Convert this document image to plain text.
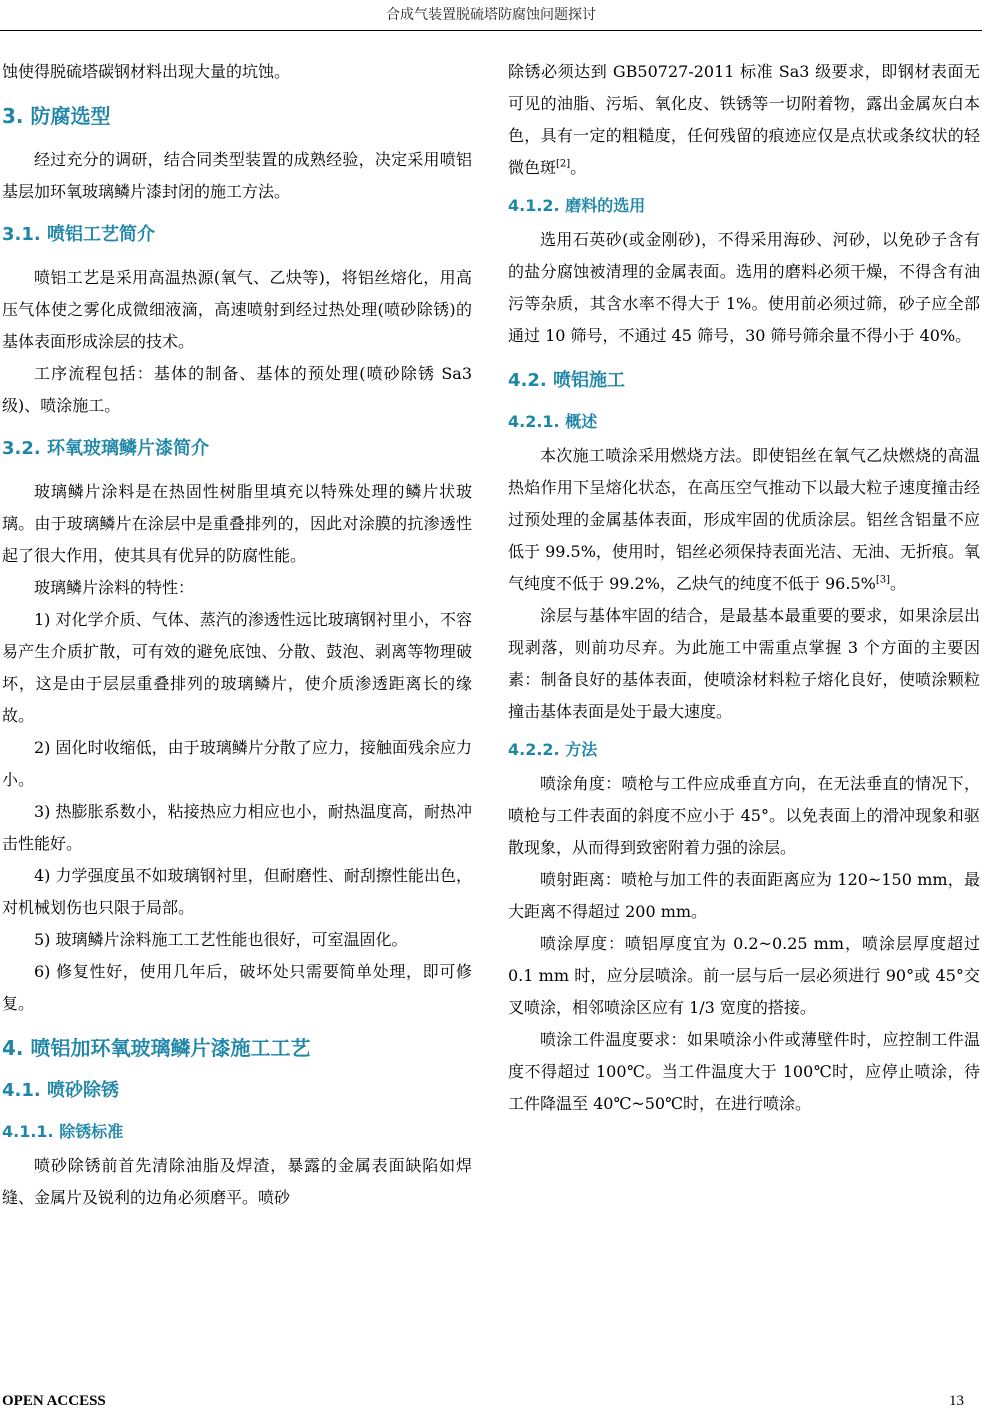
合成气装置脱硫塔防腐蚀问题探讨

蚀使得脱硫塔碳钢材料出现大量的坑蚀。

3. 防腐选型

经过充分的调研，结合同类型装置的成熟经验，决定采用喷铝基层加环氧玻璃鳞片漆封闭的施工方法。

3.1. 喷铝工艺简介

喷铝工艺是采用高温热源(氧气、乙炔等)，将铝丝熔化，用高压气体使之雾化成微细液滴，高速喷射到经过热处理(喷砂除锈)的基体表面形成涂层的技术。

工序流程包括：基体的制备、基体的预处理(喷砂除锈 Sa3 级)、喷涂施工。

3.2. 环氧玻璃鳞片漆简介

玻璃鳞片涂料是在热固性树脂里填充以特殊处理的鳞片状玻璃。由于玻璃鳞片在涂层中是重叠排列的，因此对涂膜的抗渗透性起了很大作用，使其具有优异的防腐性能。

玻璃鳞片涂料的特性：

1) 对化学介质、气体、蒸汽的渗透性远比玻璃钢衬里小，不容易产生介质扩散，可有效的避免底蚀、分散、鼓泡、剥离等物理破坏，这是由于层层重叠排列的玻璃鳞片，使介质渗透距离长的缘故。

2) 固化时收缩低，由于玻璃鳞片分散了应力，接触面残余应力小。

3) 热膨胀系数小，粘接热应力相应也小，耐热温度高，耐热冲击性能好。

4) 力学强度虽不如玻璃钢衬里，但耐磨性、耐刮擦性能出色，对机械划伤也只限于局部。

5) 玻璃鳞片涂料施工工艺性能也很好，可室温固化。

6) 修复性好，使用几年后，破坏处只需要简单处理，即可修复。

4. 喷铝加环氧玻璃鳞片漆施工工艺
4.1. 喷砂除锈
4.1.1. 除锈标准

喷砂除锈前首先清除油脂及焊渣，暴露的金属表面缺陷如焊缝、金属片及锐利的边角必须磨平。喷砂

除锈必须达到 GB50727-2011 标准 Sa3 级要求，即钢材表面无可见的油脂、污垢、氧化皮、铁锈等一切附着物，露出金属灰白本色，具有一定的粗糙度，任何残留的痕迹应仅是点状或条纹状的轻微色斑[2]。

4.1.2. 磨料的选用

选用石英砂(或金刚砂)，不得采用海砂、河砂，以免砂子含有的盐分腐蚀被清理的金属表面。选用的磨料必须干燥，不得含有油污等杂质，其含水率不得大于 1%。使用前必须过筛，砂子应全部通过 10 筛号，不通过 45 筛号，30 筛号筛余量不得小于 40%。

4.2. 喷铝施工
4.2.1. 概述

本次施工喷涂采用燃烧方法。即使铝丝在氧气乙炔燃烧的高温热焰作用下呈熔化状态，在高压空气推动下以最大粒子速度撞击经过预处理的金属基体表面，形成牢固的优质涂层。铝丝含铝量不应低于 99.5%，使用时，铝丝必须保持表面光洁、无油、无折痕。氧气纯度不低于 99.2%，乙炔气的纯度不低于 96.5%[3]。

涂层与基体牢固的结合，是最基本最重要的要求，如果涂层出现剥落，则前功尽弃。为此施工中需重点掌握 3 个方面的主要因素：制备良好的基体表面，使喷涂材料粒子熔化良好，使喷涂颗粒撞击基体表面是处于最大速度。

4.2.2. 方法

喷涂角度：喷枪与工件应成垂直方向，在无法垂直的情况下，喷枪与工件表面的斜度不应小于 45°。以免表面上的滑冲现象和驱散现象，从而得到致密附着力强的涂层。

喷射距离：喷枪与加工件的表面距离应为 120~150 mm，最大距离不得超过 200 mm。

喷涂厚度：喷铝厚度宜为 0.2~0.25 mm，喷涂层厚度超过 0.1 mm 时，应分层喷涂。前一层与后一层必须进行 90°或 45°交叉喷涂，相邻喷涂区应有 1/3 宽度的搭接。

喷涂工件温度要求：如果喷涂小件或薄壁件时，应控制工件温度不得超过 100℃。当工件温度大于 100℃时，应停止喷涂，待工件降温至 40℃~50℃时，在进行喷涂。

OPEN ACCESS	13
